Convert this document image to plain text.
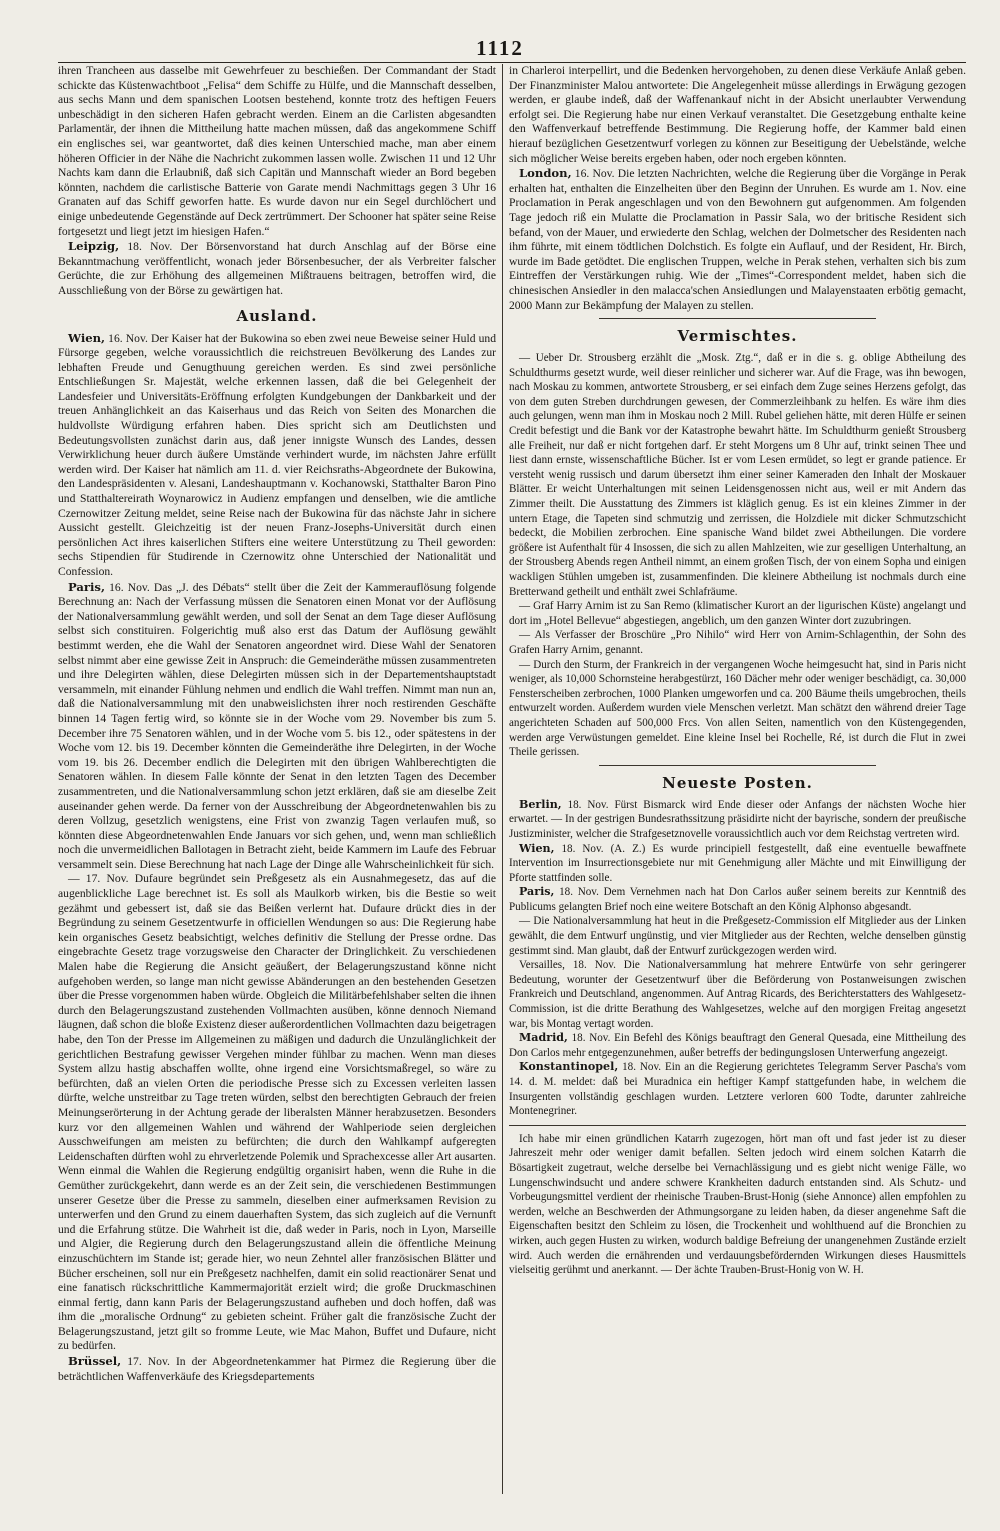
1112

ihren Trancheen aus dasselbe mit Gewehrfeuer zu beschießen. Der Commandant der Stadt schickte das Küstenwachtboot „Felisa“ dem Schiffe zu Hülfe, und die Mannschaft desselben, aus sechs Mann und dem spanischen Lootsen bestehend, konnte trotz des heftigen Feuers unbeschädigt in den sicheren Hafen gebracht werden. Einem an die Carlisten abgesandten Parlamentär, der ihnen die Mittheilung hatte machen müssen, daß das angekommene Schiff ein englisches sei, war geantwortet, daß dies keinen Unterschied mache, man aber einem höheren Officier in der Nähe die Nachricht zukommen lassen wolle. Zwischen 11 und 12 Uhr Nachts kam dann die Erlaubniß, daß sich Capitän und Mannschaft wieder an Bord begeben könnten, nachdem die carlistische Batterie von Garate mendi Nachmittags gegen 3 Uhr 16 Granaten auf das Schiff geworfen hatte. Es wurde davon nur ein Segel durchlöchert und einige unbedeutende Gegenstände auf Deck zertrümmert. Der Schooner hat später seine Reise fortgesetzt und liegt jetzt im hiesigen Hafen.“

Leipzig, 18. Nov. Der Börsenvorstand hat durch Anschlag auf der Börse eine Bekanntmachung veröffentlicht, wonach jeder Börsenbesucher, der als Verbreiter falscher Gerüchte, die zur Erhöhung des allgemeinen Mißtrauens beitragen, betroffen wird, die Ausschließung von der Börse zu gewärtigen hat.

Ausland.

Wien, 16. Nov. Der Kaiser hat der Bukowina so eben zwei neue Beweise seiner Huld und Fürsorge gegeben, welche voraussichtlich die reichstreuen Bevölkerung des Landes zur lebhaften Freude und Genugthuung gereichen werden. Es sind zwei persönliche Entschließungen Sr. Majestät, welche erkennen lassen, daß die bei Gelegenheit der Landesfeier und Universitäts-Eröffnung erfolgten Kundgebungen der Dankbarkeit und der treuen Anhänglichkeit an das Kaiserhaus und das Reich von Seiten des Monarchen die huldvollste Würdigung erfahren haben. Dies spricht sich am Deutlichsten und Bedeutungsvollsten zunächst darin aus, daß jener innigste Wunsch des Landes, dessen Verwirklichung heuer durch äußere Umstände verhindert wurde, im nächsten Jahre erfüllt werden wird. Der Kaiser hat nämlich am 11. d. vier Reichsraths-Abgeordnete der Bukowina, den Landespräsidenten v. Alesani, Landeshauptmann v. Kochanowski, Statthalter Baron Pino und Statthaltereirath Woynarowicz in Audienz empfangen und denselben, wie die amtliche Czernowitzer Zeitung meldet, seine Reise nach der Bukowina für das nächste Jahr in sichere Aussicht gestellt. Gleichzeitig ist der neuen Franz-Josephs-Universität durch einen persönlichen Act ihres kaiserlichen Stifters eine weitere Unterstützung zu Theil geworden: sechs Stipendien für Studirende in Czernowitz ohne Unterschied der Nationalität und Confession.

Paris, 16. Nov. Das „J. des Débats“ stellt über die Zeit der Kammerauflösung folgende Berechnung an: Nach der Verfassung müssen die Senatoren einen Monat vor der Auflösung der Nationalversammlung gewählt werden, und soll der Senat an dem Tage dieser Auflösung selbst sich constituiren. Folgerichtig muß also erst das Datum der Auflösung gewählt bestimmt werden, ehe die Wahl der Senatoren angeordnet wird. Diese Wahl der Senatoren selbst nimmt aber eine gewisse Zeit in Anspruch: die Gemeinderäthe müssen zusammentreten und ihre Delegirten wählen, diese Delegirten müssen sich in der Departementshauptstadt versammeln, mit einander Fühlung nehmen und endlich die Wahl treffen. Nimmt man nun an, daß die Nationalversammlung mit den unabweislichsten ihrer noch restirenden Geschäfte binnen 14 Tagen fertig wird, so könnte sie in der Woche vom 29. November bis zum 5. December ihre 75 Senatoren wählen, und in der Woche vom 5. bis 12., oder spätestens in der Woche vom 12. bis 19. December könnten die Gemeinderäthe ihre Delegirten, in der Woche vom 19. bis 26. December endlich die Delegirten mit den übrigen Wahlberechtigten die Senatoren wählen. In diesem Falle könnte der Senat in den letzten Tagen des December zusammentreten, und die Nationalversammlung schon jetzt erklären, daß sie am dieselbe Zeit auseinander gehen werde. Da ferner von der Ausschreibung der Abgeordnetenwahlen bis zu deren Vollzug, gesetzlich wenigstens, eine Frist von zwanzig Tagen verlaufen muß, so könnten diese Abgeordnetenwahlen Ende Januars vor sich gehen, und, wenn man schließlich noch die unvermeidlichen Ballotagen in Betracht zieht, beide Kammern im Laufe des Februar versammelt sein. Diese Berechnung hat nach Lage der Dinge alle Wahrscheinlichkeit für sich.

— 17. Nov. Dufaure begründet sein Preßgesetz als ein Ausnahmegesetz, das auf die augenblickliche Lage berechnet ist. Es soll als Maulkorb wirken, bis die Bestie so weit gezähmt und gebessert ist, daß sie das Beißen verlernt hat. Dufaure drückt dies in der Begründung zu seinem Gesetzentwurfe in officiellen Wendungen so aus: Die Regierung habe kein organisches Gesetz beabsichtigt, welches definitiv die Stellung der Presse ordne. Das eingebrachte Gesetz trage vorzugsweise den Character der Dringlichkeit. Zu verschiedenen Malen habe die Regierung die Ansicht geäußert, der Belagerungszustand könne nicht aufgehoben werden, so lange man nicht gewisse Abänderungen an den bestehenden Gesetzen über die Presse vorgenommen haben würde. Obgleich die Militärbefehlshaber selten die ihnen durch den Belagerungszustand zustehenden Vollmachten ausüben, könne dennoch Niemand läugnen, daß schon die bloße Existenz dieser außerordentlichen Vollmachten dazu beigetragen habe, den Ton der Presse im Allgemeinen zu mäßigen und dadurch die Unzulänglichkeit der gerichtlichen Bestrafung gewisser Vergehen minder fühlbar zu machen. Wenn man dieses System allzu hastig abschaffen wollte, ohne irgend eine Vorsichtsmaßregel, so wäre zu befürchten, daß an vielen Orten die periodische Presse sich zu Excessen verleiten lassen dürfte, welche unstreitbar zu Tage treten würden, selbst den berechtigten Gebrauch der freien Meinungserörterung in der Achtung gerade der liberalsten Männer herabzusetzen. Besonders kurz vor den allgemeinen Wahlen und während der Wahlperiode seien dergleichen Ausschweifungen am meisten zu befürchten; die durch den Wahlkampf aufgeregten Leidenschaften dürften wohl zu ehrverletzende Polemik und Sprachexcesse aller Art ausarten. Wenn einmal die Wahlen die Regierung endgültig organisirt haben, wenn die Ruhe in die Gemüther zurückgekehrt, dann werde es an der Zeit sein, die verschiedenen Bestimmungen unserer Gesetze über die Presse zu sammeln, dieselben einer aufmerksamen Revision zu unterwerfen und den Grund zu einem dauerhaften System, das sich zugleich auf die Vernunft und die Erfahrung stütze. Die Wahrheit ist die, daß weder in Paris, noch in Lyon, Marseille und Algier, die Regierung durch den Belagerungszustand allein die öffentliche Meinung einzuschüchtern im Stande ist; gerade hier, wo neun Zehntel aller französischen Blätter und Bücher erscheinen, soll nur ein Preßgesetz nachhelfen, damit ein solid reactionärer Senat und eine fanatisch rückschrittliche Kammermajorität erzielt wird; die große Druckmaschinen einmal fertig, dann kann Paris der Belagerungszustand aufheben und doch hoffen, daß was ihm die „moralische Ordnung“ zu gebieten scheint. Früher galt die französische Zucht der Belagerungszustand, jetzt gilt so fromme Leute, wie Mac Mahon, Buffet und Dufaure, nicht zu bedürfen.

Brüssel, 17. Nov. In der Abgeordnetenkammer hat Pirmez die Regierung über die beträchtlichen Waffenverkäufe des Kriegsdepartements

in Charleroi interpellirt, und die Bedenken hervorgehoben, zu denen diese Verkäufe Anlaß geben. Der Finanzminister Malou antwortete: Die Angelegenheit müsse allerdings in Erwägung gezogen werden, er glaube indeß, daß der Waffenankauf nicht in der Absicht unerlaubter Verwendung erfolgt sei. Die Regierung habe nur einen Verkauf veranstaltet. Die Gesetzgebung enthalte keine den Waffenverkauf betreffende Bestimmung. Die Regierung hoffe, der Kammer bald einen hierauf bezüglichen Gesetzentwurf vorlegen zu können zur Beseitigung der Uebelstände, welche sich möglicher Weise bereits ergeben haben, oder noch ergeben könnten.

London, 16. Nov. Die letzten Nachrichten, welche die Regierung über die Vorgänge in Perak erhalten hat, enthalten die Einzelheiten über den Beginn der Unruhen. Es wurde am 1. Nov. eine Proclamation in Perak angeschlagen und von den Bewohnern gut aufgenommen. Am folgenden Tage jedoch riß ein Mulatte die Proclamation in Passir Sala, wo der britische Resident sich befand, von der Mauer, und erwiederte den Schlag, welchen der Dolmetscher des Residenten nach ihm führte, mit einem tödtlichen Dolchstich. Es folgte ein Auflauf, und der Resident, Hr. Birch, wurde im Bade getödtet. Die englischen Truppen, welche in Perak stehen, verhalten sich bis zum Eintreffen der Verstärkungen ruhig. Wie der „Times“-Correspondent meldet, haben sich die chinesischen Ansiedler in den malacca'schen Ansiedlungen und Malayenstaaten erbötig gemacht, 2000 Mann zur Bekämpfung der Malayen zu stellen.

Vermischtes.

— Ueber Dr. Strousberg erzählt die „Mosk. Ztg.“, daß er in die s. g. oblige Abtheilung des Schuldthurms gesetzt wurde, weil dieser reinlicher und sicherer war. Auf die Frage, was ihn bewogen, nach Moskau zu kommen, antwortete Strousberg, er sei einfach dem Zuge seines Herzens gefolgt, das von dem guten Streben durchdrungen gewesen, der Commerzleihbank zu helfen. Es wäre ihm dies auch gelungen, wenn man ihm in Moskau noch 2 Mill. Rubel geliehen hätte, mit deren Hülfe er seinen Credit befestigt und die Bank vor der Katastrophe bewahrt hätte. Im Schuldthurm genießt Strousberg alle Freiheit, nur daß er nicht fortgehen darf. Er steht Morgens um 8 Uhr auf, trinkt seinen Thee und liest dann ernste, wissenschaftliche Bücher. Ist er vom Lesen ermüdet, so legt er grande patience. Er versteht wenig russisch und darum übersetzt ihm einer seiner Kameraden den Inhalt der Moskauer Blätter. Er weicht Unterhaltungen mit seinen Leidensgenossen nicht aus, weil er mit Andern das Zimmer theilt. Die Ausstattung des Zimmers ist kläglich genug. Es ist ein kleines Zimmer in der untern Etage, die Tapeten sind schmutzig und zerrissen, die Holzdiele mit dicker Schmutzschicht bedeckt, die Mobilien zerbrochen. Eine spanische Wand bildet zwei Abtheilungen. Die vordere größere ist Aufenthalt für 4 Insossen, die sich zu allen Mahlzeiten, wie zur geselligen Unterhaltung, an der Strousberg Abends regen Antheil nimmt, an einem großen Tisch, der von einem Sopha und einigen wackligen Stühlen umgeben ist, zusammenfinden. Die kleinere Abtheilung ist nochmals durch eine Bretterwand getheilt und enthält zwei Schlafräume.

— Graf Harry Arnim ist zu San Remo (klimatischer Kurort an der ligurischen Küste) angelangt und dort im „Hotel Bellevue“ abgestiegen, angeblich, um den ganzen Winter dort zuzubringen.

— Als Verfasser der Broschüre „Pro Nihilo“ wird Herr von Arnim-Schlagenthin, der Sohn des Grafen Harry Arnim, genannt.

— Durch den Sturm, der Frankreich in der vergangenen Woche heimgesucht hat, sind in Paris nicht weniger, als 10,000 Schornsteine herabgestürzt, 160 Dächer mehr oder weniger beschädigt, ca. 30,000 Fensterscheiben zerbrochen, 1000 Planken umgeworfen und ca. 200 Bäume theils umgebrochen, theils entwurzelt worden. Außerdem wurden viele Menschen verletzt. Man schätzt den während dreier Tage angerichteten Schaden auf 500,000 Frcs. Von allen Seiten, namentlich von den Küstengegenden, werden arge Verwüstungen gemeldet. Eine kleine Insel bei Rochelle, Ré, ist durch die Flut in zwei Theile gerissen.

Neueste Posten.

Berlin, 18. Nov. Fürst Bismarck wird Ende dieser oder Anfangs der nächsten Woche hier erwartet. — In der gestrigen Bundesrathssitzung präsidirte nicht der bayrische, sondern der preußische Justizminister, welcher die Strafgesetznovelle voraussichtlich auch vor dem Reichstag vertreten wird.

Wien, 18. Nov. (A. Z.) Es wurde principiell festgestellt, daß eine eventuelle bewaffnete Intervention im Insurrectionsgebiete nur mit Genehmigung aller Mächte und mit Einwilligung der Pforte stattfinden solle.

Paris, 18. Nov. Dem Vernehmen nach hat Don Carlos außer seinem bereits zur Kenntniß des Publicums gelangten Brief noch eine weitere Botschaft an den König Alphonso abgesandt.

— Die Nationalversammlung hat heut in die Preßgesetz-Commission elf Mitglieder aus der Linken gewählt, die dem Entwurf ungünstig, und vier Mitglieder aus der Rechten, welche denselben günstig gestimmt sind. Man glaubt, daß der Entwurf zurückgezogen werden wird.

Versailles, 18. Nov. Die Nationalversammlung hat mehrere Entwürfe von sehr geringerer Bedeutung, worunter der Gesetzentwurf über die Beförderung von Postanweisungen zwischen Frankreich und Deutschland, angenommen. Auf Antrag Ricards, des Berichterstatters des Wahlgesetz-Commission, ist die dritte Berathung des Wahlgesetzes, welche auf den morgigen Freitag angesetzt war, bis Montag vertagt worden.

Madrid, 18. Nov. Ein Befehl des Königs beauftragt den General Quesada, eine Mittheilung des Don Carlos mehr entgegenzunehmen, außer betreffs der bedingungslosen Unterwerfung angezeigt.

Konstantinopel, 18. Nov. Ein an die Regierung gerichtetes Telegramm Server Pascha's vom 14. d. M. meldet: daß bei Muradnica ein heftiger Kampf stattgefunden habe, in welchem die Insurgenten vollständig geschlagen wurden. Letztere verloren 600 Todte, darunter zahlreiche Montenegriner.

Ich habe mir einen gründlichen Katarrh zugezogen, hört man oft und fast jeder ist zu dieser Jahreszeit mehr oder weniger damit befallen. Selten jedoch wird einem solchen Katarrh die Bösartigkeit zugetraut, welche derselbe bei Vernachlässigung und es giebt nicht wenige Fälle, wo Lungenschwindsucht und andere schwere Krankheiten dadurch entstanden sind. Als Schutz- und Vorbeugungsmittel verdient der rheinische Trauben-Brust-Honig (siehe Annonce) allen empfohlen zu werden, welche an Beschwerden der Athmungsorgane zu leiden haben, da dieser angenehme Saft die Eigenschaften besitzt den Schleim zu lösen, die Trockenheit und wohlthuend auf die Bronchien zu wirken, auch gegen Husten zu wirken, wodurch baldige Befreiung der unangenehmen Zustände erzielt wird. Auch werden die ernährenden und verdauungsbefördernden Wirkungen dieses Hausmittels vielseitig gerühmt und anerkannt. — Der ächte Trauben-Brust-Honig von W. H.
